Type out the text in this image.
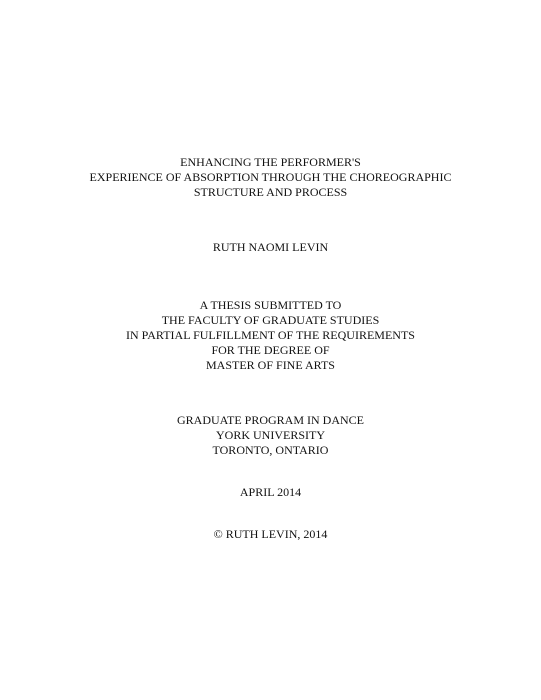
ENHANCING THE PERFORMER'S
EXPERIENCE OF ABSORPTION THROUGH THE CHOREOGRAPHIC
STRUCTURE AND PROCESS
RUTH NAOMI LEVIN
A THESIS SUBMITTED TO
THE FACULTY OF GRADUATE STUDIES
IN PARTIAL FULFILLMENT OF THE REQUIREMENTS
FOR THE DEGREE OF
MASTER OF FINE ARTS
GRADUATE PROGRAM IN DANCE
YORK UNIVERSITY
TORONTO, ONTARIO
APRIL 2014
© RUTH LEVIN, 2014
